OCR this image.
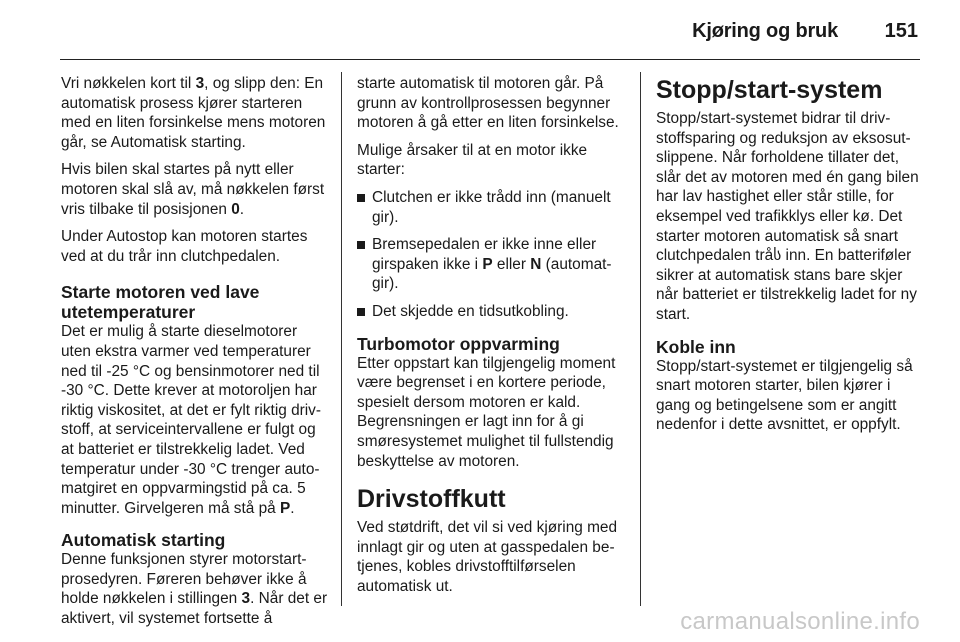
Kjøring og bruk 151

Vri nøkkelen kort til 3, og slipp den: En automatisk prosess kjører starteren med en liten forsinkelse mens motoren går, se Automatisk starting.

Hvis bilen skal startes på nytt eller motoren skal slå av, må nøkkelen først vris tilbake til posisjonen 0.

Under Autostop kan motoren startes ved at du trår inn clutchpedalen.

Starte motoren ved lave utetemperaturer

Det er mulig å starte dieselmotorer uten ekstra varmer ved temperaturer ned til -25 °C og bensinmotorer ned til -30 °C. Dette krever at motoroljen har riktig viskositet, at det er fylt riktig drivstoff, at serviceintervallene er fulgt og at batteriet er tilstrekkelig ladet. Ved temperatur under -30 °C trenger automatgiret en oppvarmingstid på ca. 5 minutter. Girvelgeren må stå på P.

Automatisk starting

Denne funksjonen styrer motorstartprosedyren. Føreren behøver ikke å holde nøkkelen i stillingen 3. Når det er aktivert, vil systemet fortsette å

starte automatisk til motoren går. På grunn av kontrollprosessen begynner motoren å gå etter en liten forsinkelse.

Mulige årsaker til at en motor ikke starter:

Clutchen er ikke trådd inn (manuelt gir).
Bremsepedalen er ikke inne eller girspaken ikke i P eller N (automatgir).
Det skjedde en tidsutkobling.
Turbomotor oppvarming

Etter oppstart kan tilgjengelig moment være begrenset i en kortere periode, spesielt dersom motoren er kald. Begrensningen er lagt inn for å gi smøresystemet mulighet til fullstendig beskyttelse av motoren.

Drivstoffkutt

Ved støtdrift, det vil si ved kjøring med innlagt gir og uten at gasspedalen betjenes, kobles drivstofftilførselen automatisk ut.

Stopp/start-system

Stopp/start-systemet bidrar til drivstoffsparing og reduksjon av eksosutslippene. Når forholdene tillater det, slår det av motoren med én gang bilen har lav hastighet eller står stille, for eksempel ved trafikklys eller kø. Det starter motoren automatisk så snart clutchpedalen tråს inn. En batteriføler sikrer at automatisk stans bare skjer når batteriet er tilstrekkelig ladet for ny start.

Koble inn

Stopp/start-systemet er tilgjengelig så snart motoren starter, bilen kjører i gang og betingelsene som er angitt nedenfor i dette avsnittet, er oppfylt.

carmanualsonline.info
